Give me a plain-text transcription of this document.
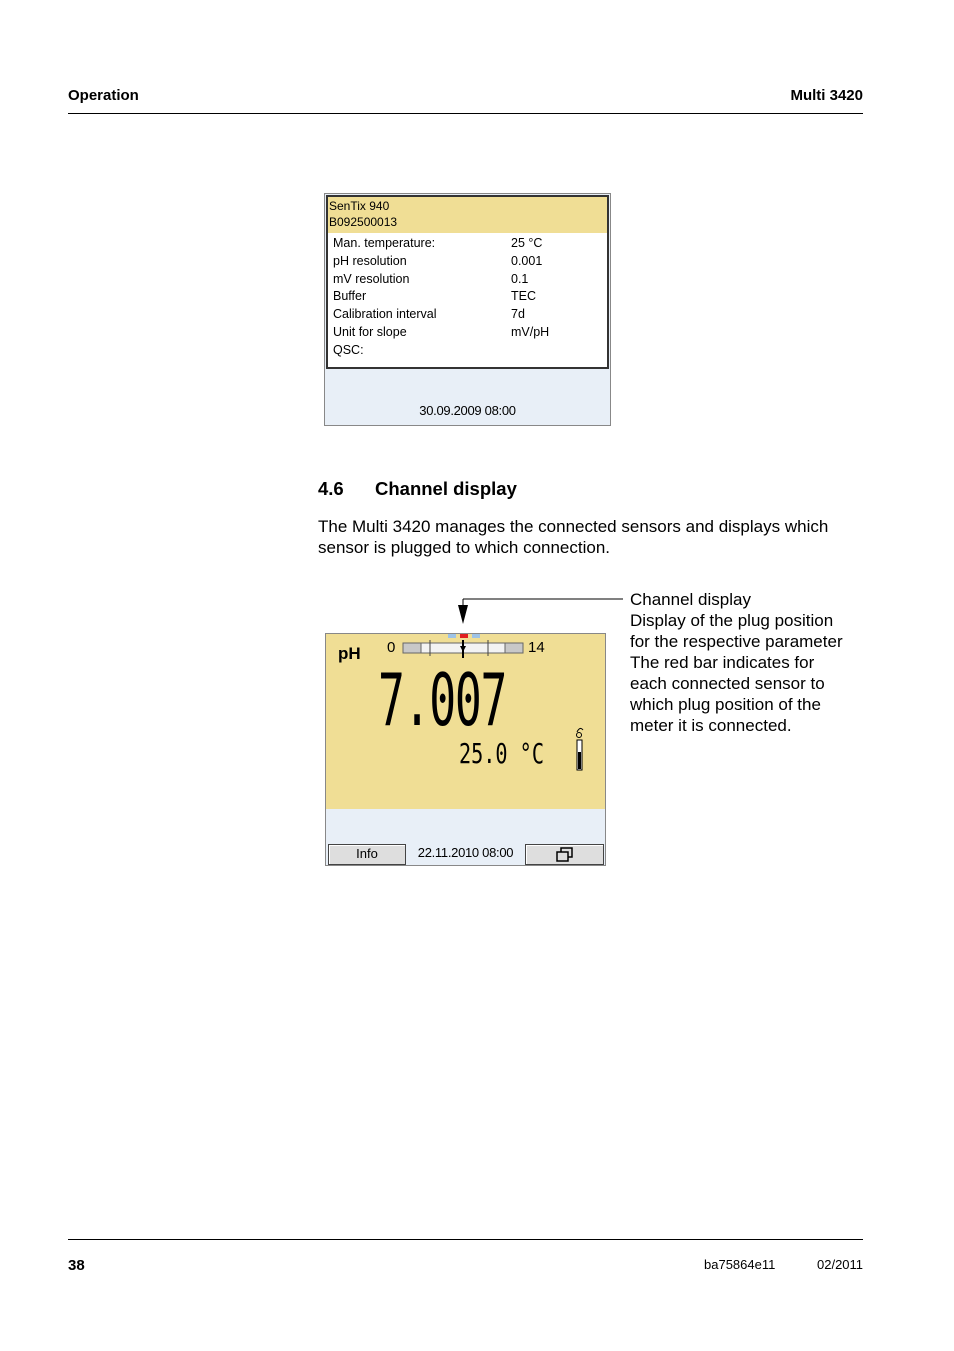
Operation	Multi 3420
SenTix 940
B092500013
Man. temperature:	25 °C
pH resolution	0.001
mV resolution	0.1
Buffer	TEC
Calibration interval	7d
Unit for slope	mV/pH
QSC:
30.09.2009 08:00
4.6 Channel display
The Multi 3420 manages the connected sensors and displays which sensor is plugged to which connection.
Channel display
Display of the plug position
for the respective parameter
The red bar indicates for
each connected sensor to
which plug position of the
meter it is connected.
pH 0	14
7.007
25.0 °C
Info	22.11.2010 08:00
38	ba75864e11	02/2011
